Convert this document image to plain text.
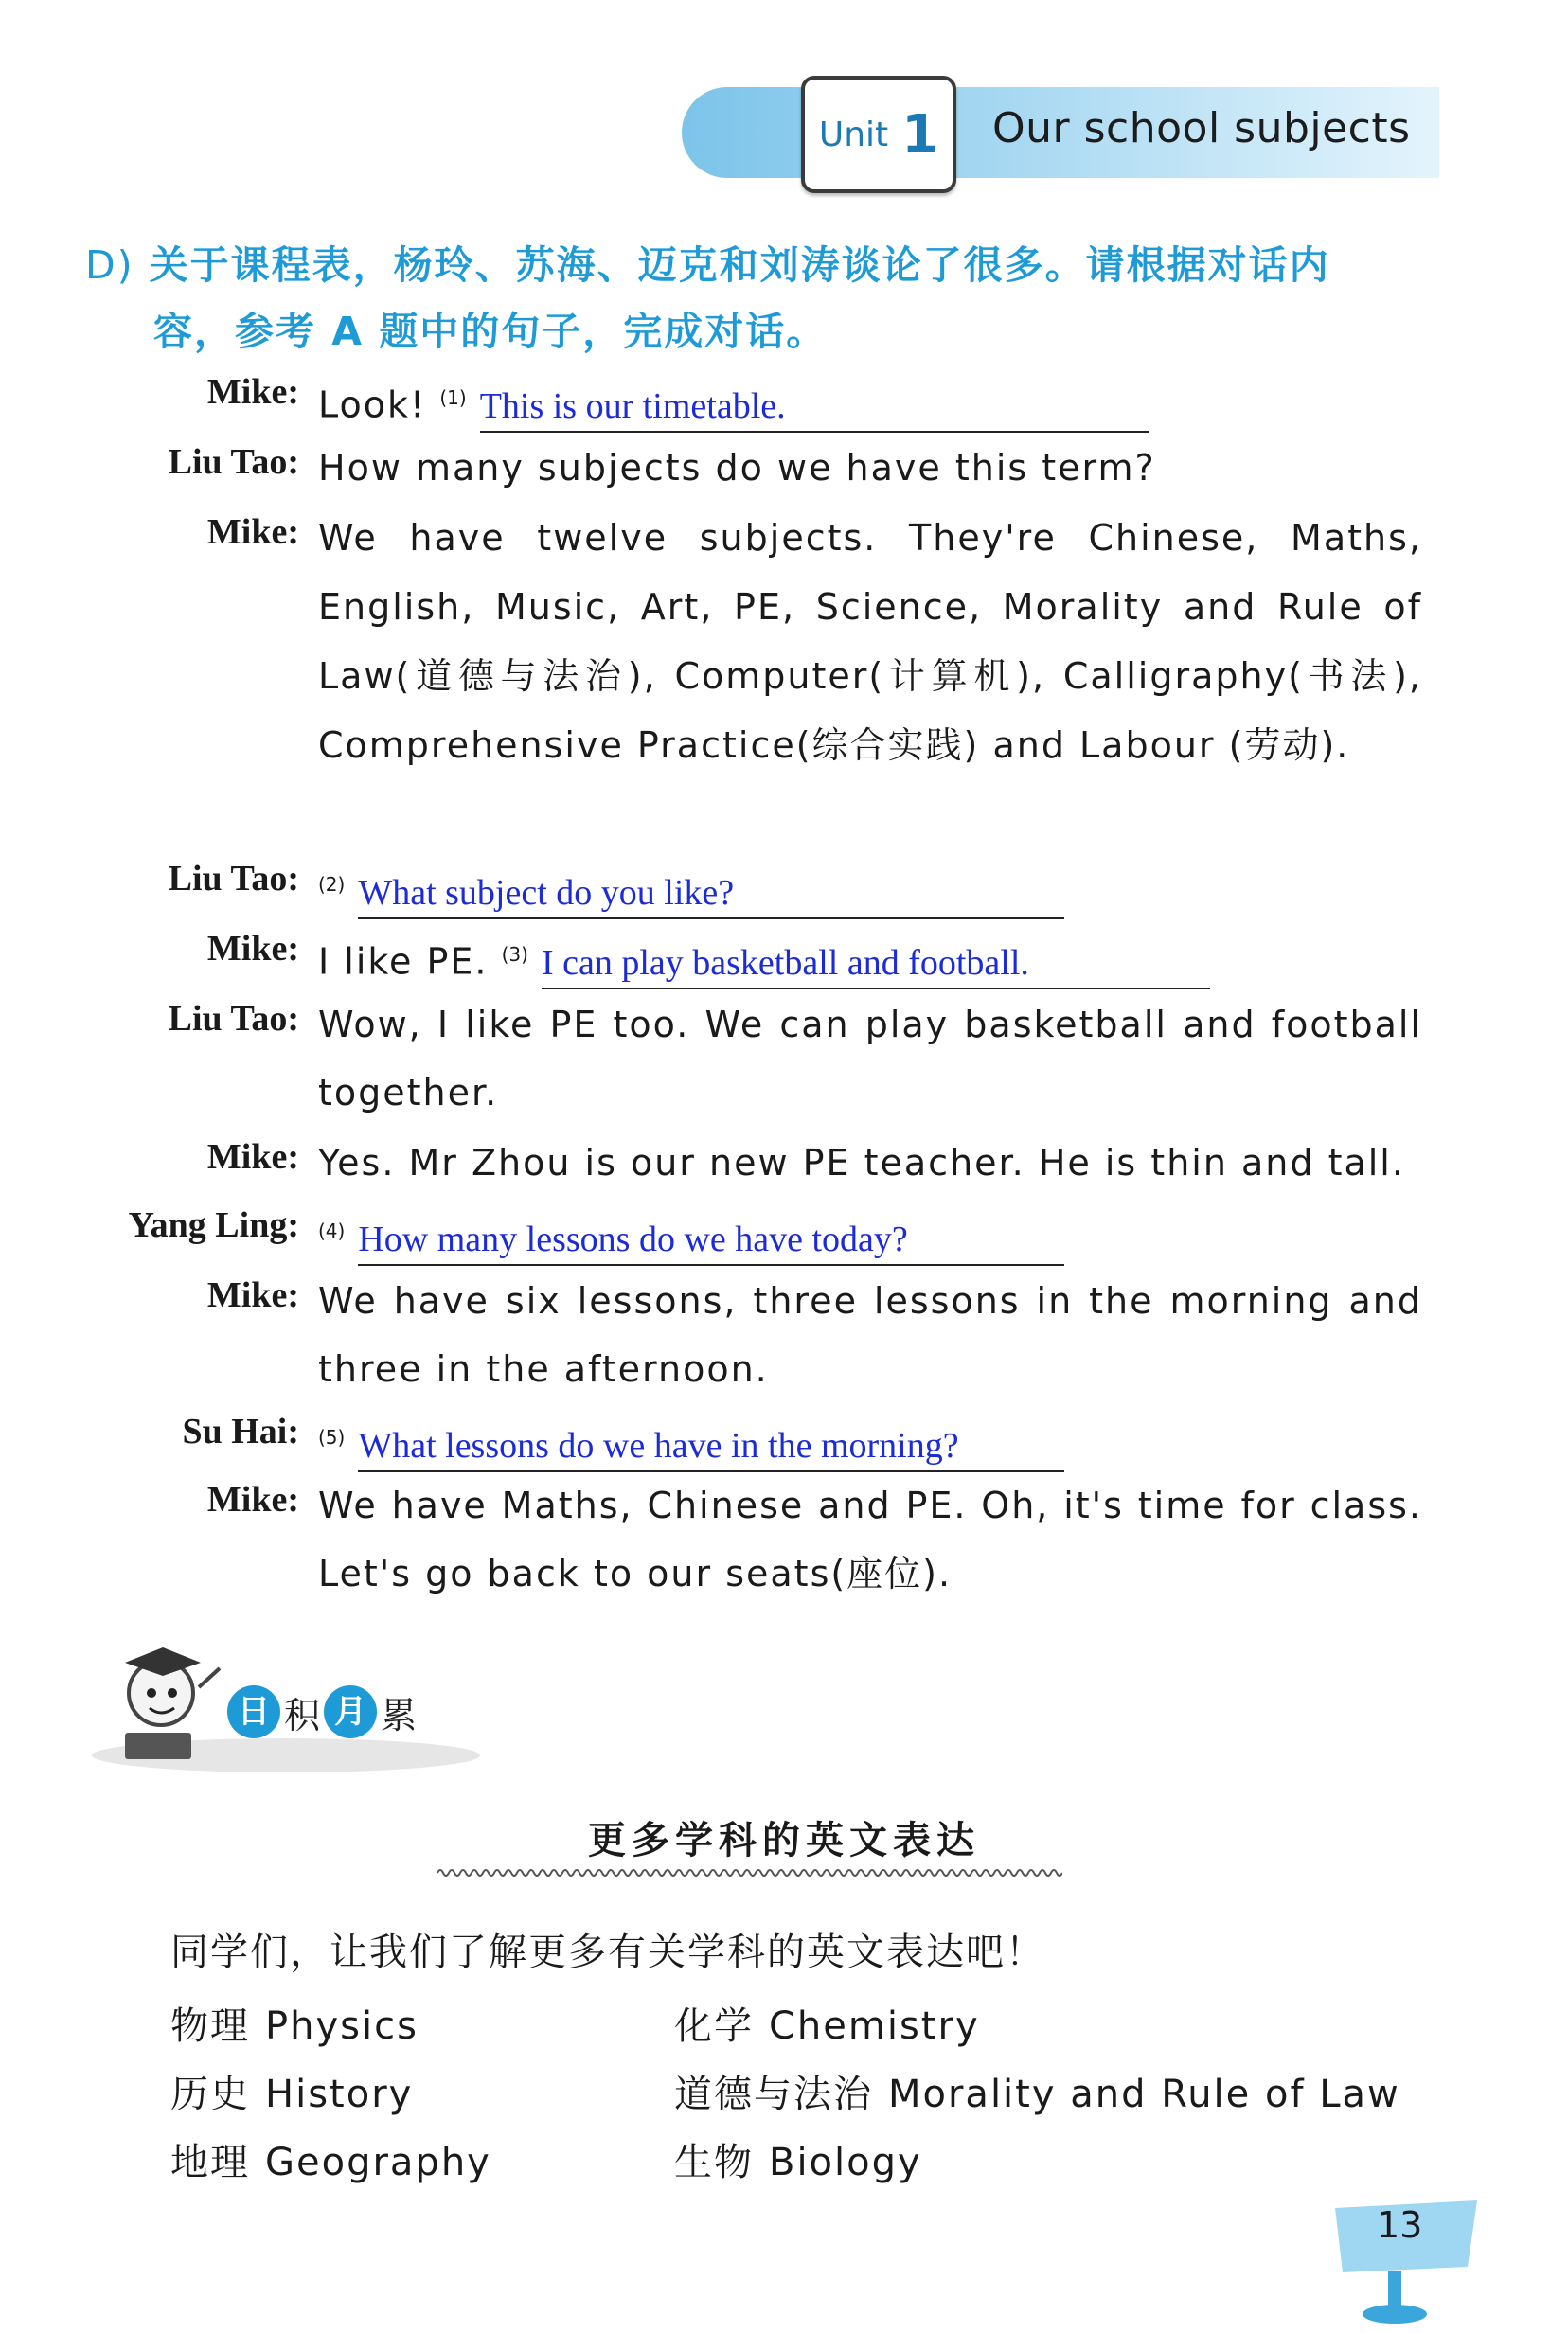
Unit 1 Our school subjects
D) 关于课程表，杨玲、苏海、迈克和刘涛谈论了很多。请根据对话内
容，参考 A 题中的句子，完成对话。
Mike: Look! $^{(1)}$ This is our timetable.
Liu Tao: How many subjects do we have this term?
Mike: We have twelve subjects. They're Chinese, Maths, English, Music, Art, PE, Science, Morality and Rule of Law(道德与法治), Computer(计算机), Calligraphy(书法), Comprehensive Practice(综合实践) and Labour (劳动).
Liu Tao: $^{(2)}$ What subject do you like?
Mike: I like PE. $^{(3)}$ I can play basketball and football.
Liu Tao: Wow, I like PE too. We can play basketball and football together.
Mike: Yes. Mr Zhou is our new PE teacher. He is thin and tall.
Yang Ling: $^{(4)}$ How many lessons do we have today?
Mike: We have six lessons, three lessons in the morning and three in the afternoon.
Su Hai: $^{(5)}$ What lessons do we have in the morning?
Mike: We have Maths, Chinese and PE. Oh, it's time for class. Let's go back to our seats(座位).
日 积 月 累
更多学科的英文表达
同学们，让我们了解更多有关学科的英文表达吧！
物理 Physics	化学 Chemistry
历史 History	道德与法治 Morality and Rule of Law
地理 Geography	生物 Biology
13
